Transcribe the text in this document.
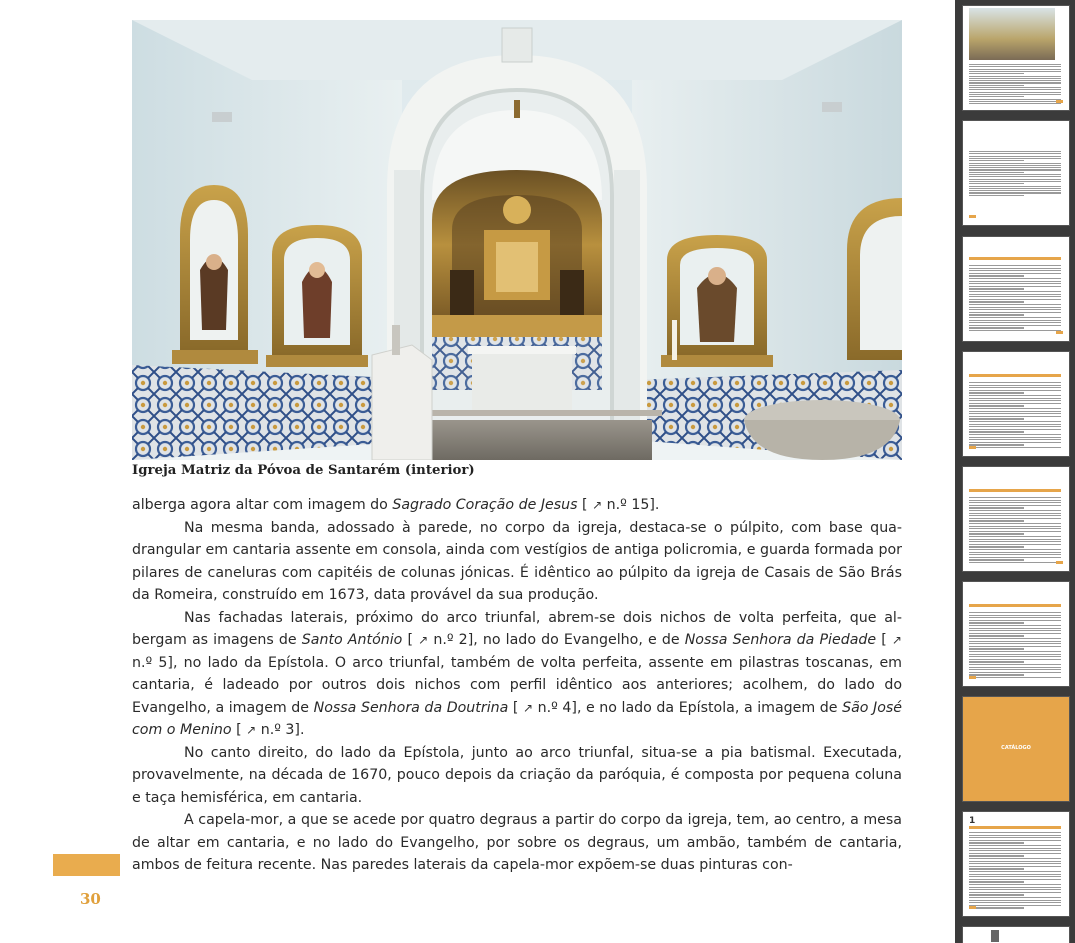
Igreja Matriz da Póvoa de Santarém (interior)

alberga agora altar com imagem do Sagrado Coração de Jesus [ ↗ n.º 15].

Na mesma banda, adossado à parede, no corpo da igreja, destaca-se o púlpito, com base quadrangular em cantaria assente em consola, ainda com vestígios de antiga policromia, e guarda formada por pilares de caneluras com capitéis de colunas jónicas. É idêntico ao púlpito da igreja de Casais de São Brás da Romeira, construído em 1673, data provável da sua produção.

Nas fachadas laterais, próximo do arco triunfal, abrem-se dois nichos de volta perfeita, que albergam as imagens de Santo António [ ↗ n.º 2], no lado do Evangelho, e de Nossa Senhora da Piedade [ ↗ n.º 5], no lado da Epístola. O arco triunfal, também de volta perfeita, assente em pilastras toscanas, em cantaria, é ladeado por outros dois nichos com perfil idêntico aos anteriores; acolhem, do lado do Evangelho, a imagem de Nossa Senhora da Doutrina [ ↗ n.º 4], e no lado da Epístola, a imagem de São José com o Menino [ ↗ n.º 3].

No canto direito, do lado da Epístola, junto ao arco triunfal, situa-se a pia batismal. Executada, provavelmente, na década de 1670, pouco depois da criação da paróquia, é composta por pequena coluna e taça hemisférica, em cantaria.

A capela-mor, a que se acede por quatro degraus a partir do corpo da igreja, tem, ao centro, a mesa de altar em cantaria, e no lado do Evangelho, por sobre os degraus, um ambão, também de cantaria, ambos de feitura recente. Nas paredes laterais da capela-mor expõem-se duas pinturas con-

30
CATÁLOGO
1
